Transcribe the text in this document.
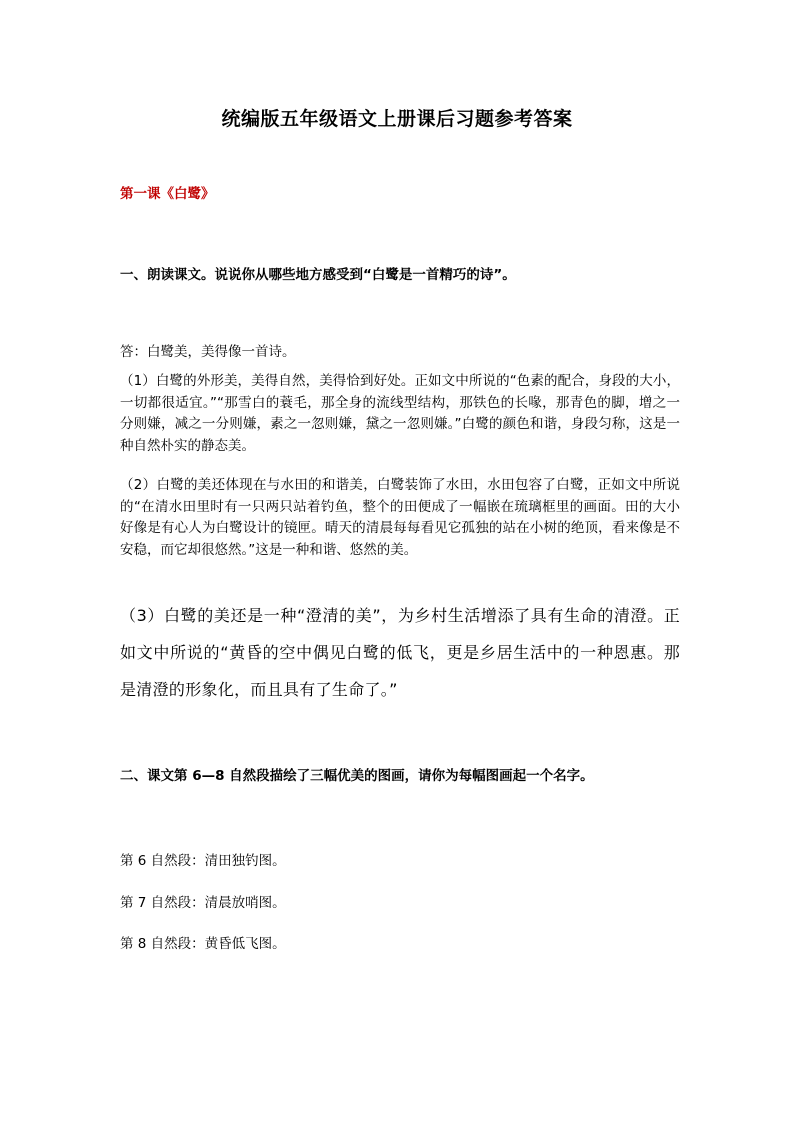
统编版五年级语文上册课后习题参考答案

第一课《白鹭》

一、朗读课文。说说你从哪些地方感受到“白鹭是一首精巧的诗”。

答：白鹭美，美得像一首诗。

（1）白鹭的外形美，美得自然，美得恰到好处。正如文中所说的“色素的配合，身段的大小，一切都很适宜。”“那雪白的蓑毛，那全身的流线型结构，那铁色的长喙，那青色的脚，增之一分则嫌，减之一分则嫌，素之一忽则嫌，黛之一忽则嫌。”白鹭的颜色和谐，身段匀称，这是一种自然朴实的静态美。

（2）白鹭的美还体现在与水田的和谐美，白鹭装饰了水田，水田包容了白鹭，正如文中所说的“在清水田里时有一只两只站着钓鱼，整个的田便成了一幅嵌在琉璃框里的画面。田的大小好像是有心人为白鹭设计的镜匣。晴天的清晨每每看见它孤独的站在小树的绝顶，看来像是不安稳，而它却很悠然。”这是一种和谐、悠然的美。

（3）白鹭的美还是一种“澄清的美”，为乡村生活增添了具有生命的清澄。正如文中所说的“黄昏的空中偶见白鹭的低飞，更是乡居生活中的一种恩惠。那是清澄的形象化，而且具有了生命了。”

二、课文第 6—8 自然段描绘了三幅优美的图画，请你为每幅图画起一个名字。

第 6 自然段：清田独钓图。

第 7 自然段：清晨放哨图。

第 8 自然段：黄昏低飞图。
